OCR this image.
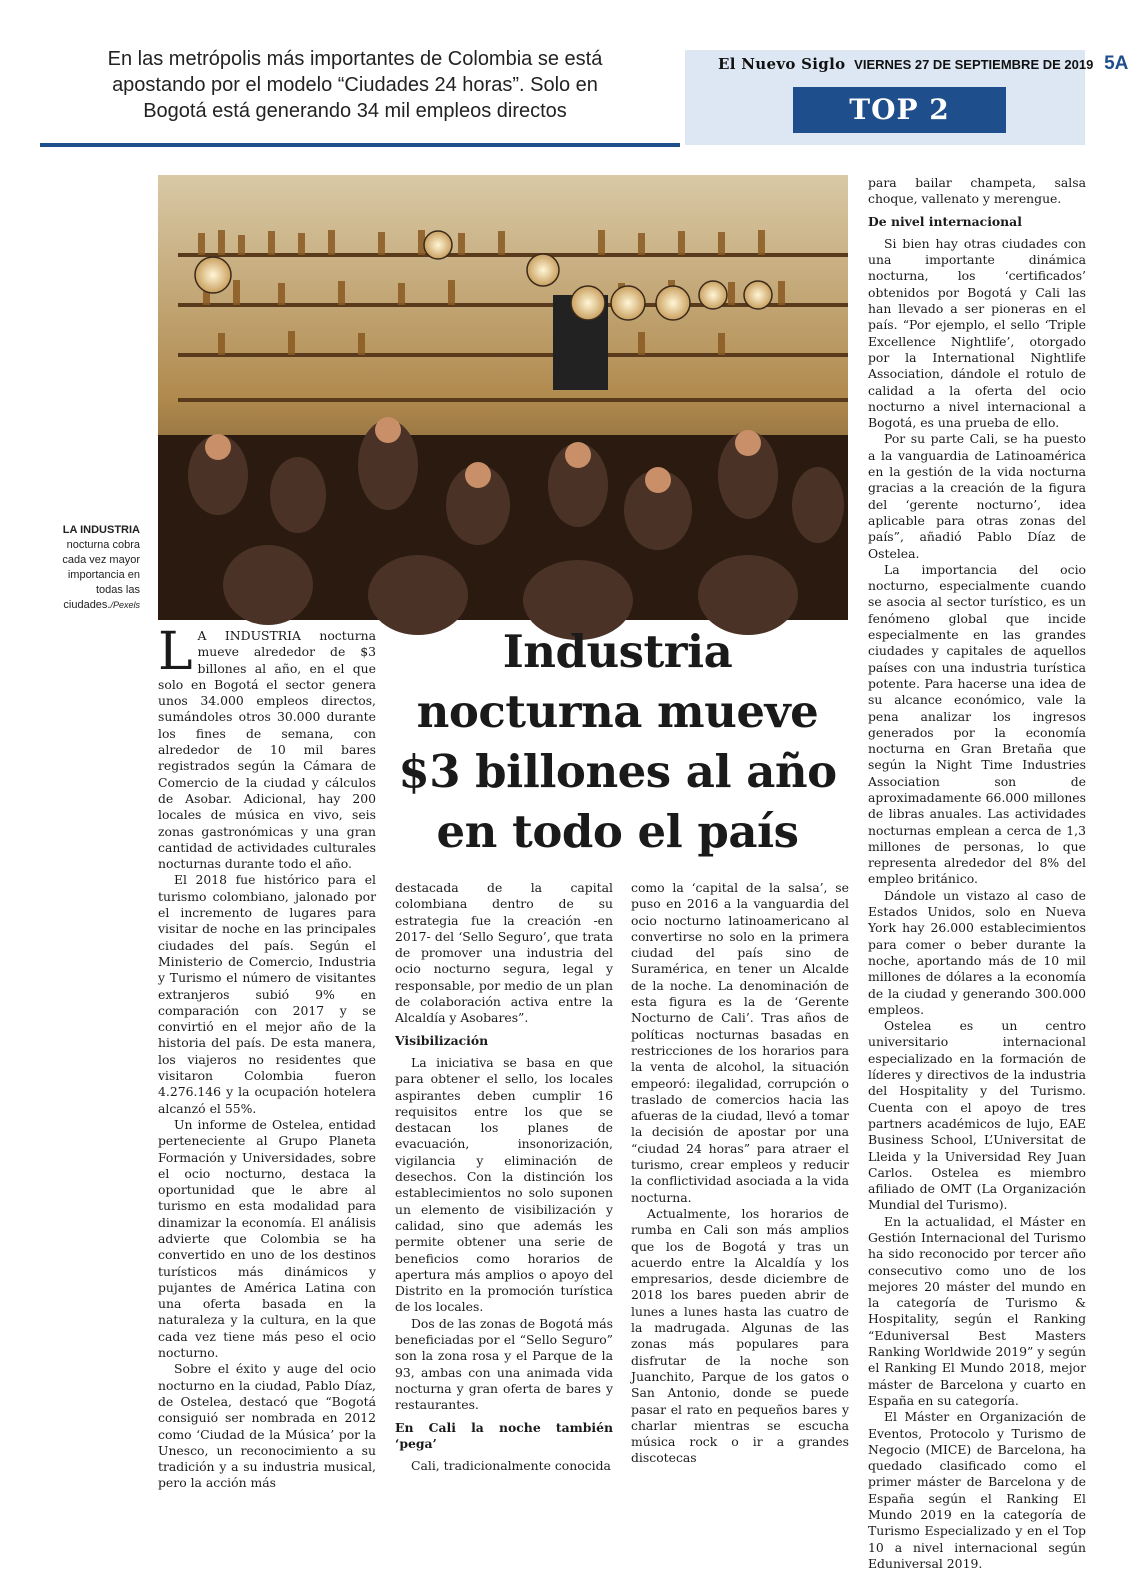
En las metrópolis más importantes de Colombia se está apostando por el modelo “Ciudades 24 horas”. Solo en Bogotá está generando 34 mil empleos directos
El Nuevo Siglo VIERNES 27 DE SEPTIEMBRE DE 2019 5A
TOP 2
LA INDUSTRIA
nocturna cobra cada vez mayor importancia en todas las ciudades./Pexels
Industria nocturna mueve $3 billones al año en todo el país

L A INDUSTRIA nocturna mueve alrededor de $3 billones al año, en el que solo en Bogotá el sector genera unos 34.000 empleos directos, sumándoles otros 30.000 durante los fines de semana, con alrededor de 10 mil bares registrados según la Cámara de Comercio de la ciudad y cálculos de Asobar. Adicional, hay 200 locales de música en vivo, seis zonas gastronómicas y una gran cantidad de actividades culturales nocturnas durante todo el año.

El 2018 fue histórico para el turismo colombiano, jalonado por el incremento de lugares para visitar de noche en las principales ciudades del país. Según el Ministerio de Comercio, Industria y Turismo el número de visitantes extranjeros subió 9% en comparación con 2017 y se convirtió en el mejor año de la historia del país. De esta manera, los viajeros no residentes que visitaron Colombia fueron 4.276.146 y la ocupación hotelera alcanzó el 55%.

Un informe de Ostelea, entidad perteneciente al Grupo Planeta Formación y Universidades, sobre el ocio nocturno, destaca la oportunidad que le abre al turismo en esta modalidad para dinamizar la economía. El análisis advierte que Colombia se ha convertido en uno de los destinos turísticos más dinámicos y pujantes de América Latina con una oferta basada en la naturaleza y la cultura, en la que cada vez tiene más peso el ocio nocturno.

Sobre el éxito y auge del ocio nocturno en la ciudad, Pablo Díaz, de Ostelea, destacó que “Bogotá consiguió ser nombrada en 2012 como ‘Ciudad de la Música’ por la Unesco, un reconocimiento a su tradición y a su industria musical, pero la acción más

destacada de la capital colombiana dentro de su estrategia fue la creación -en 2017- del ‘Sello Seguro’, que trata de promover una industria del ocio nocturno segura, legal y responsable, por medio de un plan de colaboración activa entre la Alcaldía y Asobares”.

Visibilización

La iniciativa se basa en que para obtener el sello, los locales aspirantes deben cumplir 16 requisitos entre los que se destacan los planes de evacuación, insonorización, vigilancia y eliminación de desechos. Con la distinción los establecimientos no solo suponen un elemento de visibilización y calidad, sino que además les permite obtener una serie de beneficios como horarios de apertura más amplios o apoyo del Distrito en la promoción turística de los locales.

Dos de las zonas de Bogotá más beneficiadas por el “Sello Seguro” son la zona rosa y el Parque de la 93, ambas con una animada vida nocturna y gran oferta de bares y restaurantes.

En Cali la noche también ‘pega’

Cali, tradicionalmente conocida

como la ‘capital de la salsa’, se puso en 2016 a la vanguardia del ocio nocturno latinoamericano al convertirse no solo en la primera ciudad del país sino de Suramérica, en tener un Alcalde de la noche. La denominación de esta figura es la de ‘Gerente Nocturno de Cali’. Tras años de políticas nocturnas basadas en restricciones de los horarios para la venta de alcohol, la situación empeoró: ilegalidad, corrupción o traslado de comercios hacia las afueras de la ciudad, llevó a tomar la decisión de apostar por una “ciudad 24 horas” para atraer el turismo, crear empleos y reducir la conflictividad asociada a la vida nocturna.

Actualmente, los horarios de rumba en Cali son más amplios que los de Bogotá y tras un acuerdo entre la Alcaldía y los empresarios, desde diciembre de 2018 los bares pueden abrir de lunes a lunes hasta las cuatro de la madrugada. Algunas de las zonas más populares para disfrutar de la noche son Juanchito, Parque de los gatos o San Antonio, donde se puede pasar el rato en pequeños bares y charlar mientras se escucha música rock o ir a grandes discotecas

para bailar champeta, salsa choque, vallenato y merengue.

De nivel internacional

Si bien hay otras ciudades con una importante dinámica nocturna, los ‘certificados’ obtenidos por Bogotá y Cali las han llevado a ser pioneras en el país. “Por ejemplo, el sello ‘Triple Excellence Nightlife’, otorgado por la International Nightlife Association, dándole el rotulo de calidad a la oferta del ocio nocturno a nivel internacional a Bogotá, es una prueba de ello.

Por su parte Cali, se ha puesto a la vanguardia de Latinoamérica en la gestión de la vida nocturna gracias a la creación de la figura del ‘gerente nocturno’, idea aplicable para otras zonas del país”, añadió Pablo Díaz de Ostelea.

La importancia del ocio nocturno, especialmente cuando se asocia al sector turístico, es un fenómeno global que incide especialmente en las grandes ciudades y capitales de aquellos países con una industria turística potente. Para hacerse una idea de su alcance económico, vale la pena analizar los ingresos generados por la economía nocturna en Gran Bretaña que según la Night Time Industries Association son de aproximadamente 66.000 millones de libras anuales. Las actividades nocturnas emplean a cerca de 1,3 millones de personas, lo que representa alrededor del 8% del empleo británico.

Dándole un vistazo al caso de Estados Unidos, solo en Nueva York hay 26.000 establecimientos para comer o beber durante la noche, aportando más de 10 mil millones de dólares a la economía de la ciudad y generando 300.000 empleos.

Ostelea es un centro universitario internacional especializado en la formación de líderes y directivos de la industria del Hospitality y del Turismo. Cuenta con el apoyo de tres partners académicos de lujo, EAE Business School, L’Universitat de Lleida y la Universidad Rey Juan Carlos. Ostelea es miembro afiliado de OMT (La Organización Mundial del Turismo).

En la actualidad, el Máster en Gestión Internacional del Turismo ha sido reconocido por tercer año consecutivo como uno de los mejores 20 máster del mundo en la categoría de Turismo & Hospitality, según el Ranking “Eduniversal Best Masters Ranking Worldwide 2019” y según el Ranking El Mundo 2018, mejor máster de Barcelona y cuarto en España en su categoría.

El Máster en Organización de Eventos, Protocolo y Turismo de Negocio (MICE) de Barcelona, ha quedado clasificado como el primer máster de Barcelona y de España según el Ranking El Mundo 2019 en la categoría de Turismo Especializado y en el Top 10 a nivel internacional según Eduniversal 2019.
